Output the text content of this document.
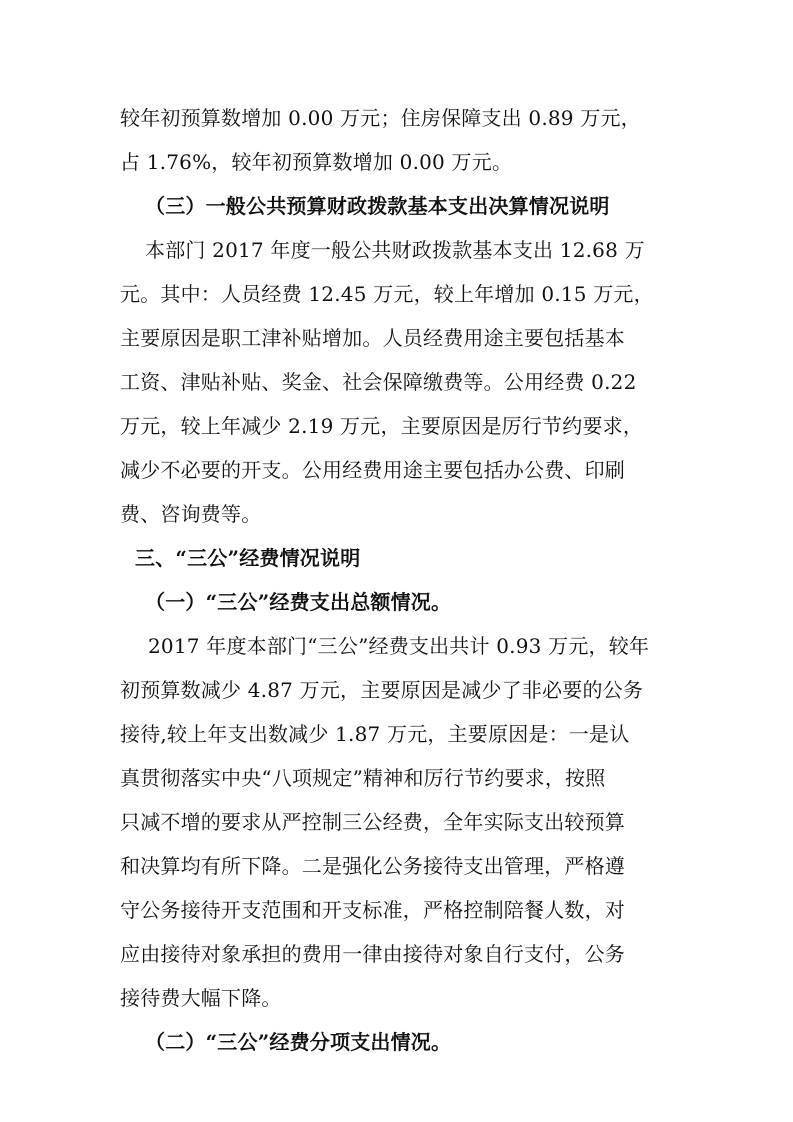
较年初预算数增加 0.00 万元；住房保障支出 0.89 万元，
占 1.76%，较年初预算数增加 0.00 万元。
（三）一般公共预算财政拨款基本支出决算情况说明
本部门 2017 年度一般公共财政拨款基本支出 12.68 万
元。其中：人员经费 12.45 万元，较上年增加 0.15 万元，
主要原因是职工津补贴增加。人员经费用途主要包括基本
工资、津贴补贴、奖金、社会保障缴费等。公用经费 0.22
万元，较上年减少 2.19 万元，主要原因是厉行节约要求，
减少不必要的开支。公用经费用途主要包括办公费、印刷
费、咨询费等。
三、“三公”经费情况说明
（一）“三公”经费支出总额情况。
2017 年度本部门“三公”经费支出共计 0.93 万元，较年
初预算数减少 4.87 万元，主要原因是减少了非必要的公务
接待,较上年支出数减少 1.87 万元，主要原因是：一是认
真贯彻落实中央“八项规定”精神和厉行节约要求，按照
只减不增的要求从严控制三公经费，全年实际支出较预算
和决算均有所下降。二是强化公务接待支出管理，严格遵
守公务接待开支范围和开支标准，严格控制陪餐人数，对
应由接待对象承担的费用一律由接待对象自行支付，公务
接待费大幅下降。
（二）“三公”经费分项支出情况。
